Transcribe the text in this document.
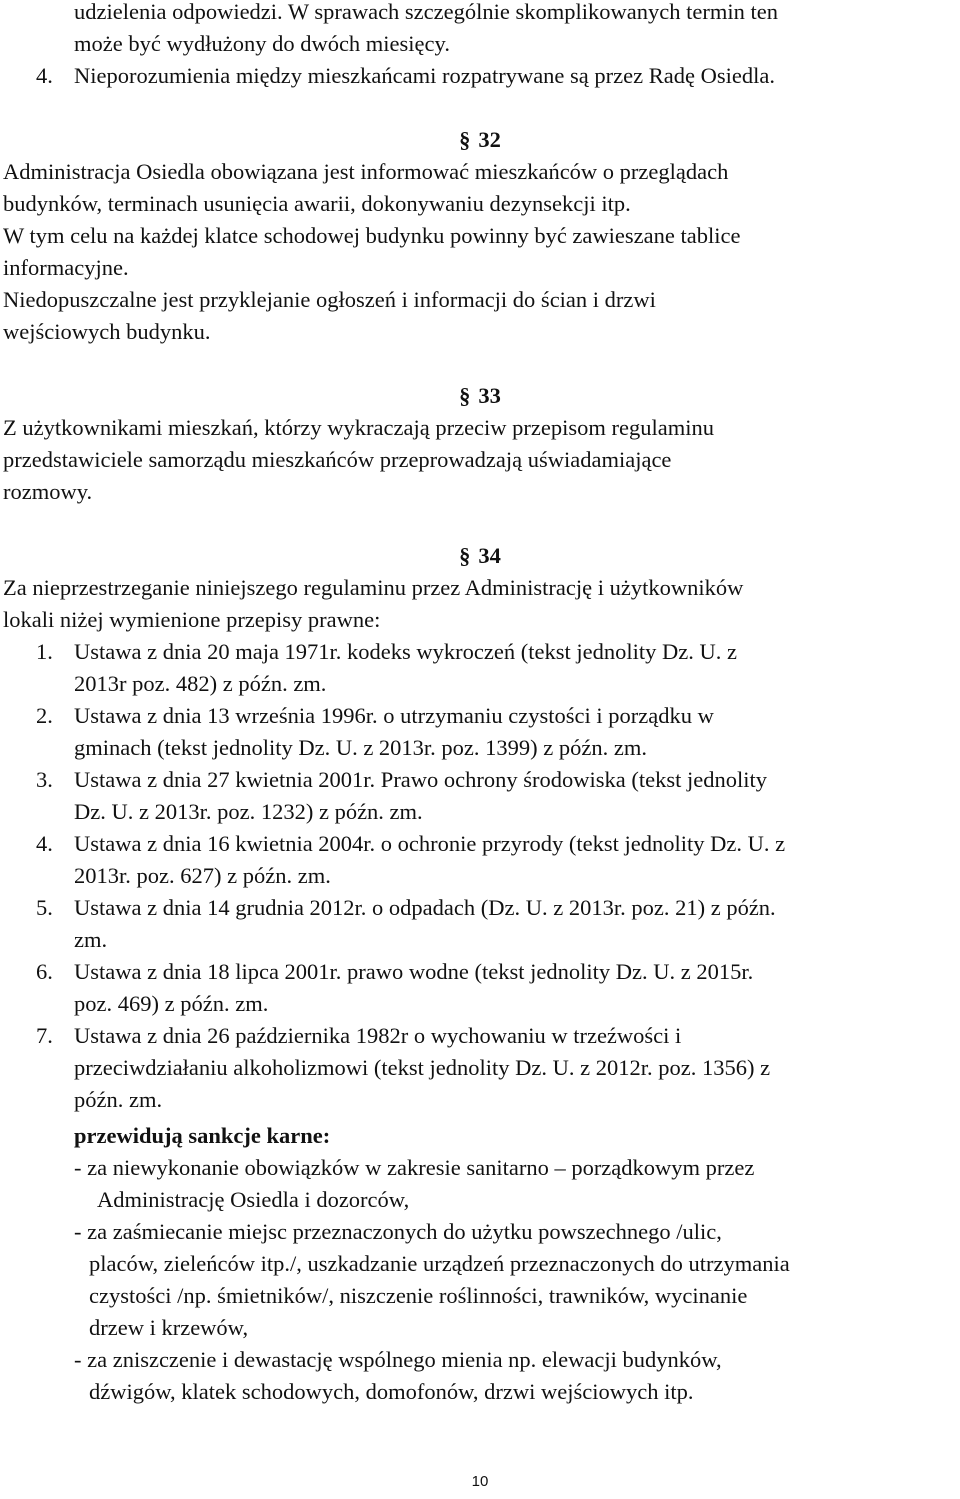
udzielenia odpowiedzi. W sprawach szczególnie skomplikowanych termin ten

może być wydłużony do dwóch miesięcy.

4. Nieporozumienia między mieszkańcami rozpatrywane są przez Radę Osiedla.

§ 32

Administracja Osiedla obowiązana jest informować mieszkańców o przeglądach

budynków, terminach usunięcia awarii, dokonywaniu dezynsekcji itp.

W tym celu na każdej klatce schodowej budynku powinny być zawieszane tablice

informacyjne.

Niedopuszczalne jest przyklejanie ogłoszeń i informacji do ścian i drzwi

wejściowych budynku.

§ 33

Z użytkownikami mieszkań, którzy wykraczają przeciw przepisom regulaminu

przedstawiciele samorządu mieszkańców przeprowadzają uświadamiające

rozmowy.

§ 34

Za nieprzestrzeganie niniejszego regulaminu przez Administrację i użytkowników

lokali niżej wymienione przepisy prawne:

1. Ustawa z dnia 20 maja 1971r. kodeks wykroczeń (tekst jednolity Dz. U. z

2013r poz. 482) z późn. zm.

2. Ustawa z dnia 13 września 1996r. o utrzymaniu czystości i porządku w

gminach (tekst jednolity Dz. U. z 2013r. poz. 1399) z późn. zm.

3. Ustawa z dnia 27 kwietnia 2001r. Prawo ochrony środowiska (tekst jednolity

Dz. U. z 2013r. poz. 1232) z późn. zm.

4. Ustawa z dnia 16 kwietnia 2004r. o ochronie przyrody (tekst jednolity Dz. U. z

2013r. poz. 627) z późn. zm.

5. Ustawa z dnia 14 grudnia 2012r. o odpadach (Dz. U. z 2013r. poz. 21) z późn.

zm.

6. Ustawa z dnia 18 lipca 2001r. prawo wodne (tekst jednolity Dz. U. z 2015r.

poz. 469) z późn. zm.

7. Ustawa z dnia 26 października 1982r o wychowaniu w trzeźwości i

przeciwdziałaniu alkoholizmowi (tekst jednolity Dz. U. z 2012r. poz. 1356) z

późn. zm.

przewidują sankcje karne:

- za niewykonanie obowiązków w zakresie sanitarno – porządkowym przez

Administrację Osiedla i dozorców,

- za zaśmiecanie miejsc przeznaczonych do użytku powszechnego /ulic,

placów, zieleńców itp./, uszkadzanie urządzeń przeznaczonych do utrzymania

czystości /np. śmietników/, niszczenie roślinności, trawników, wycinanie

drzew i krzewów,

- za zniszczenie i dewastację wspólnego mienia np. elewacji budynków,

dźwigów, klatek schodowych, domofonów, drzwi wejściowych itp.

10
